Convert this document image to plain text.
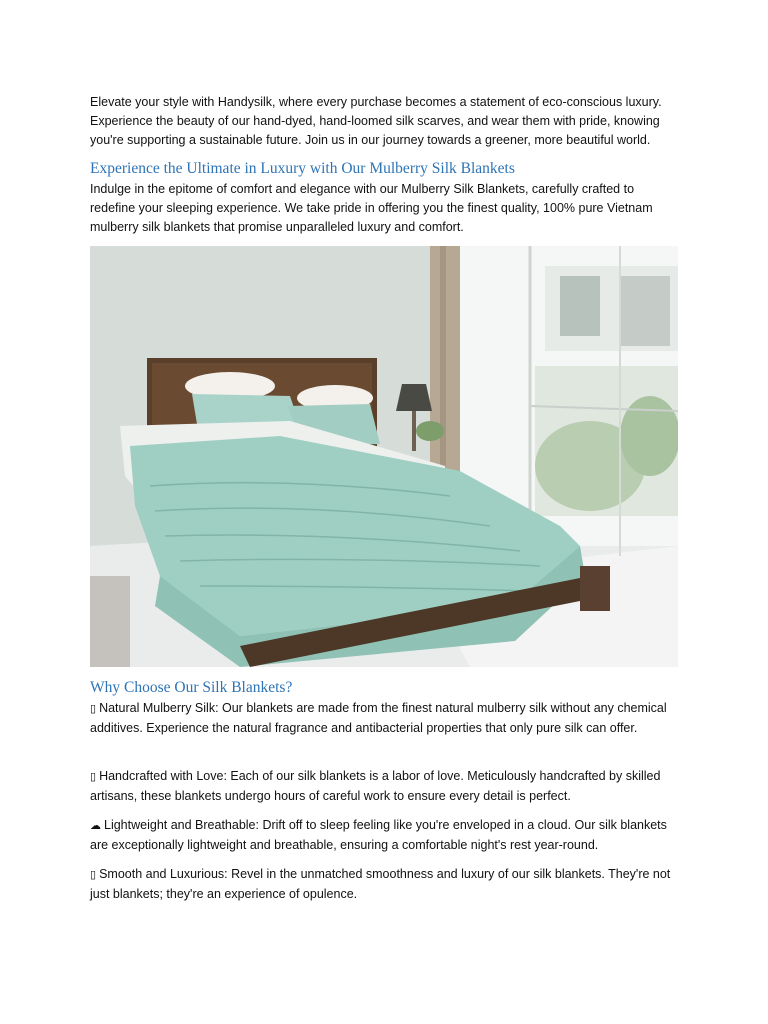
Elevate your style with Handysilk, where every purchase becomes a statement of eco-conscious luxury. Experience the beauty of our hand-dyed, hand-loomed silk scarves, and wear them with pride, knowing you're supporting a sustainable future. Join us in our journey towards a greener, more beautiful world.

Experience the Ultimate in Luxury with Our Mulberry Silk Blankets

Indulge in the epitome of comfort and elegance with our Mulberry Silk Blankets, carefully crafted to redefine your sleeping experience. We take pride in offering you the finest quality, 100% pure Vietnam mulberry silk blankets that promise unparalleled luxury and comfort.

Why Choose Our Silk Blankets?

▯ Natural Mulberry Silk: Our blankets are made from the finest natural mulberry silk without any chemical additives. Experience the natural fragrance and antibacterial properties that only pure silk can offer.

▯ Handcrafted with Love: Each of our silk blankets is a labor of love. Meticulously handcrafted by skilled artisans, these blankets undergo hours of careful work to ensure every detail is perfect.

☁ Lightweight and Breathable: Drift off to sleep feeling like you're enveloped in a cloud. Our silk blankets are exceptionally lightweight and breathable, ensuring a comfortable night's rest year-round.

▯ Smooth and Luxurious: Revel in the unmatched smoothness and luxury of our silk blankets. They're not just blankets; they're an experience of opulence.
